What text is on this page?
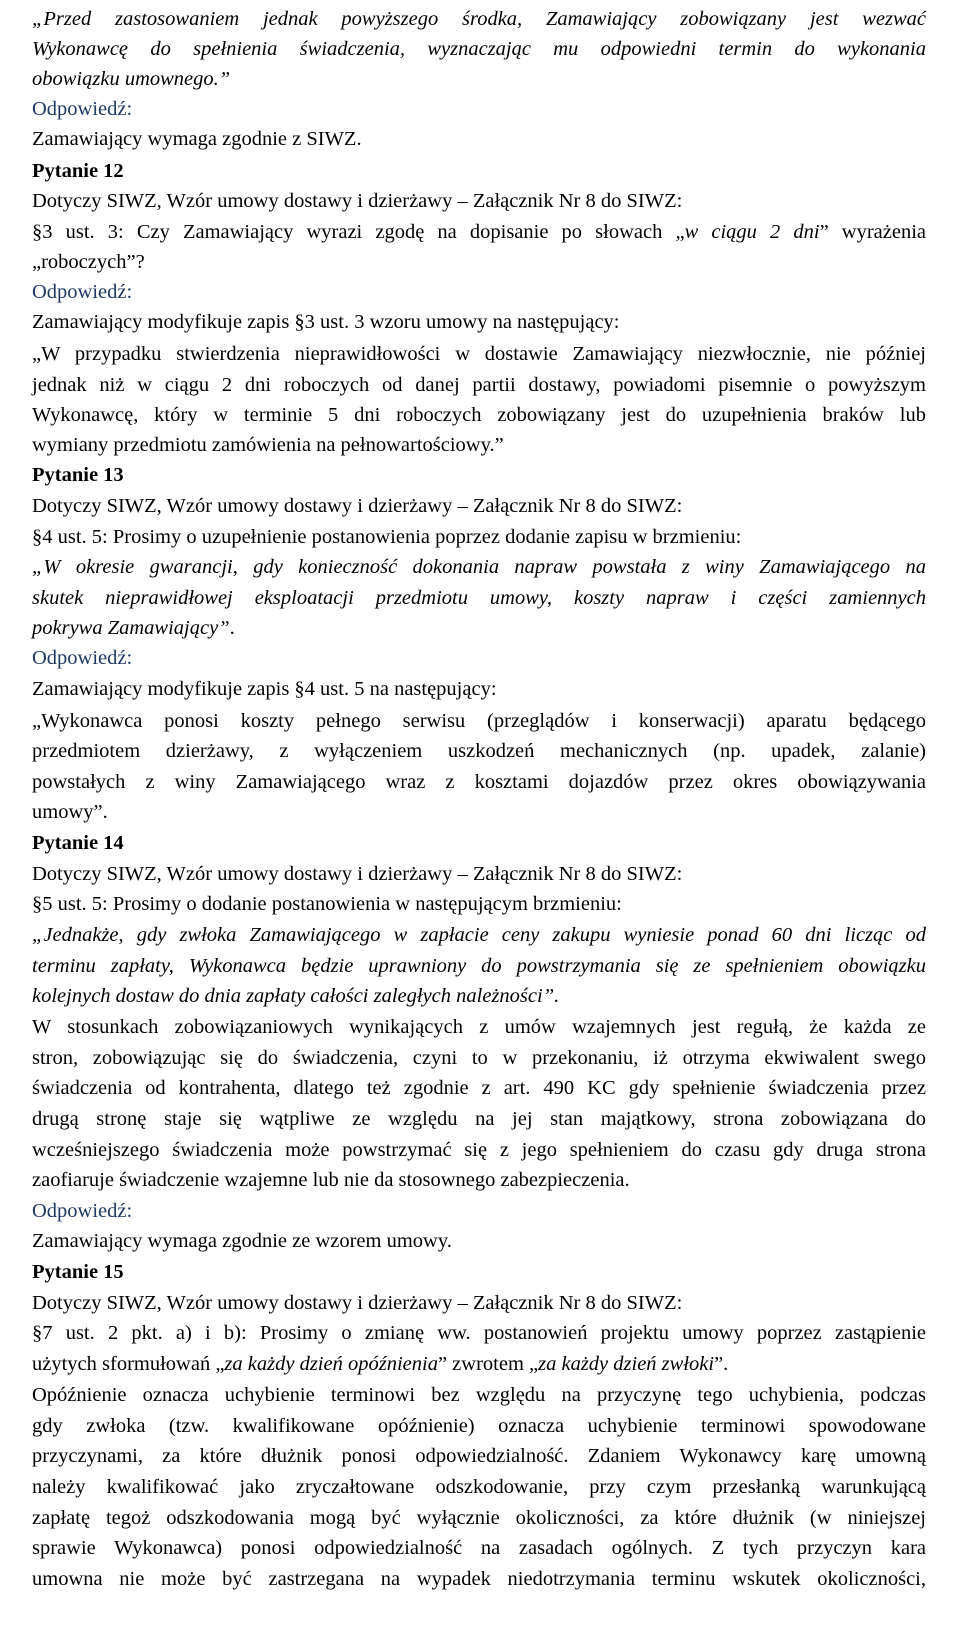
„Przed zastosowaniem jednak powyższego środka, Zamawiający zobowiązany jest wezwać
Wykonawcę do spełnienia świadczenia, wyznaczając mu odpowiedni termin do wykonania
obowiązku umownego.”
Odpowiedź:
Zamawiający wymaga zgodnie z SIWZ.
Pytanie 12
Dotyczy SIWZ, Wzór umowy dostawy i dzierżawy – Załącznik Nr 8 do SIWZ:
§3 ust. 3: Czy Zamawiający wyrazi zgodę na dopisanie po słowach „w ciągu 2 dni” wyrażenia
„roboczych”?
Odpowiedź:
Zamawiający modyfikuje zapis §3 ust. 3 wzoru umowy na następujący:
„W przypadku stwierdzenia nieprawidłowości w dostawie Zamawiający niezwłocznie, nie później
jednak niż w ciągu 2 dni roboczych od danej partii dostawy, powiadomi pisemnie o powyższym
Wykonawcę, który w terminie 5 dni roboczych zobowiązany jest do uzupełnienia braków lub
wymiany przedmiotu zamówienia na pełnowartościowy.”
Pytanie 13
Dotyczy SIWZ, Wzór umowy dostawy i dzierżawy – Załącznik Nr 8 do SIWZ:
§4 ust. 5: Prosimy o uzupełnienie postanowienia poprzez dodanie zapisu w brzmieniu:
„W okresie gwarancji, gdy konieczność dokonania napraw powstała z winy Zamawiającego na
skutek nieprawidłowej eksploatacji przedmiotu umowy, koszty napraw i części zamiennych
pokrywa Zamawiający”.
Odpowiedź:
Zamawiający modyfikuje zapis §4 ust. 5 na następujący:
„Wykonawca ponosi koszty pełnego serwisu (przeglądów i konserwacji) aparatu będącego
przedmiotem dzierżawy, z wyłączeniem uszkodzeń mechanicznych (np. upadek, zalanie)
powstałych z winy Zamawiającego wraz z kosztami dojazdów przez okres obowiązywania
umowy”.
Pytanie 14
Dotyczy SIWZ, Wzór umowy dostawy i dzierżawy – Załącznik Nr 8 do SIWZ:
§5 ust. 5: Prosimy o dodanie postanowienia w następującym brzmieniu:
„Jednakże, gdy zwłoka Zamawiającego w zapłacie ceny zakupu wyniesie ponad 60 dni licząc od
terminu zapłaty, Wykonawca będzie uprawniony do powstrzymania się ze spełnieniem obowiązku
kolejnych dostaw do dnia zapłaty całości zaległych należności”.
W stosunkach zobowiązaniowych wynikających z umów wzajemnych jest regułą, że każda ze
stron, zobowiązując się do świadczenia, czyni to w przekonaniu, iż otrzyma ekwiwalent swego
świadczenia od kontrahenta, dlatego też zgodnie z art. 490 KC gdy spełnienie świadczenia przez
drugą stronę staje się wątpliwe ze względu na jej stan majątkowy, strona zobowiązana do
wcześniejszego świadczenia może powstrzymać się z jego spełnieniem do czasu gdy druga strona
zaofiaruje świadczenie wzajemne lub nie da stosownego zabezpieczenia.
Odpowiedź:
Zamawiający wymaga zgodnie ze wzorem umowy.
Pytanie 15
Dotyczy SIWZ, Wzór umowy dostawy i dzierżawy – Załącznik Nr 8 do SIWZ:
§7 ust. 2 pkt. a) i b): Prosimy o zmianę ww. postanowień projektu umowy poprzez zastąpienie
użytych sformułowań „za każdy dzień opóźnienia” zwrotem „za każdy dzień zwłoki”.
Opóźnienie oznacza uchybienie terminowi bez względu na przyczynę tego uchybienia, podczas
gdy zwłoka (tzw. kwalifikowane opóźnienie) oznacza uchybienie terminowi spowodowane
przyczynami, za które dłużnik ponosi odpowiedzialność. Zdaniem Wykonawcy karę umowną
należy kwalifikować jako zryczałtowane odszkodowanie, przy czym przesłanką warunkującą
zapłatę tegoż odszkodowania mogą być wyłącznie okoliczności, za które dłużnik (w niniejszej
sprawie Wykonawca) ponosi odpowiedzialność na zasadach ogólnych. Z tych przyczyn kara
umowna nie może być zastrzegana na wypadek niedotrzymania terminu wskutek okoliczności,
